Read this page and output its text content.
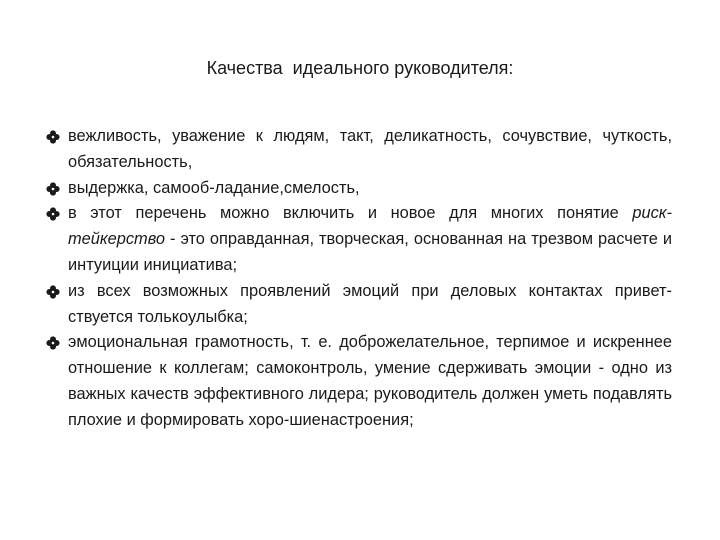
Качества  идеального руководителя:
вежливость, уважение к людям, такт, деликатность, сочувствие, чуткость, обязательность,
выдержка, самооб-ладание,смелость,
в этот перечень можно включить и новое для многих понятие риск-тейкерство - это оправданная, творческая, основанная на трезвом расчете и интуиции инициатива;
из всех возможных проявлений эмоций при деловых контактах привет-ствуется толькоулыбка;
эмоциональная грамотность, т. е. доброжелательное, терпимое и искреннее отношение к коллегам; самоконтроль, умение сдерживать эмоции - одно из важных качеств эффективного лидера; руководитель должен уметь подавлять плохие и формировать хоро-шиенастроения;
